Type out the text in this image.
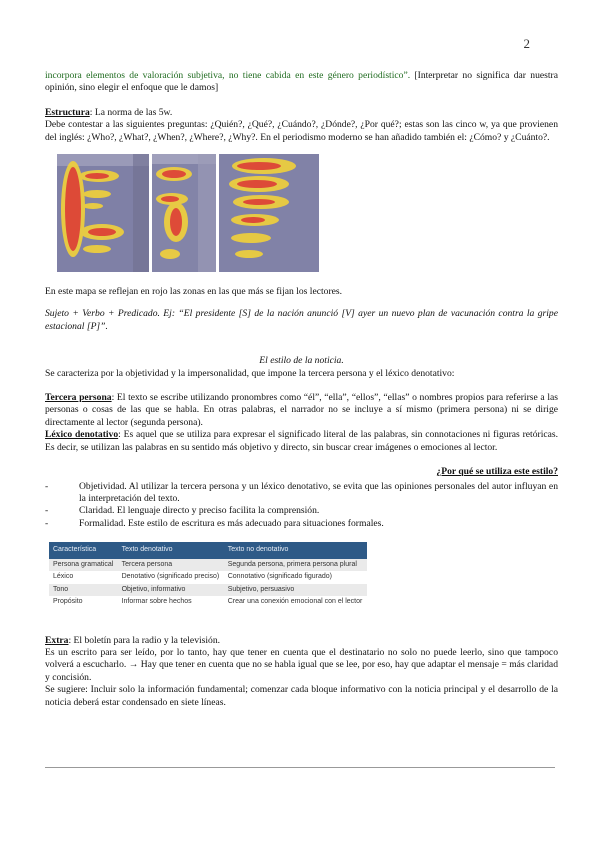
2

incorpora elementos de valoración subjetiva, no tiene cabida en este género periodístico”. [Interpretar no significa dar nuestra opinión, sino elegir el enfoque que le damos]

Estructura: La norma de las 5w.

Debe contestar a las siguientes preguntas: ¿Quién?, ¿Qué?, ¿Cuándo?, ¿Dónde?, ¿Por qué?; estas son las cinco w, ya que provienen del inglés: ¿Who?, ¿What?, ¿When?, ¿Where?, ¿Why?. En el periodismo moderno se han añadido también el: ¿Cómo? y ¿Cuánto?.

En este mapa se reflejan en rojo las zonas en las que más se fijan los lectores.

Sujeto + Verbo + Predicado. Ej: “El presidente [S] de la nación anunció [V] ayer un nuevo plan de vacunación contra la gripe estacional [P]”.

El estilo de la noticia.

Se caracteriza por la objetividad y la impersonalidad, que impone la tercera persona y el léxico denotativo:

Tercera persona: El texto se escribe utilizando pronombres como “él”, “ella”, “ellos”, “ellas” o nombres propios para referirse a las personas o cosas de las que se habla. En otras palabras, el narrador no se incluye a sí mismo (primera persona) ni se dirige directamente al lector (segunda persona).

Léxico denotativo: Es aquel que se utiliza para expresar el significado literal de las palabras, sin connotaciones ni figuras retóricas. Es decir, se utilizan las palabras en su sentido más objetivo y directo, sin buscar crear imágenes o emociones al lector.

¿Por qué se utiliza este estilo?

- Objetividad. Al utilizar la tercera persona y un léxico denotativo, se evita que las opiniones personales del autor influyan en la interpretación del texto.
- Claridad. El lenguaje directo y preciso facilita la comprensión.
- Formalidad. Este estilo de escritura es más adecuado para situaciones formales.
Característica	Texto denotativo	Texto no denotativo
Persona gramatical	Tercera persona	Segunda persona, primera persona plural
Léxico	Denotativo (significado preciso)	Connotativo (significado figurado)
Tono	Objetivo, informativo	Subjetivo, persuasivo
Propósito	Informar sobre hechos	Crear una conexión emocional con el lector

Extra: El boletín para la radio y la televisión.

Es un escrito para ser leído, por lo tanto, hay que tener en cuenta que el destinatario no solo no puede leerlo, sino que tampoco volverá a escucharlo. → Hay que tener en cuenta que no se habla igual que se lee, por eso, hay que adaptar el mensaje = más claridad y concisión.

Se sugiere: Incluir solo la información fundamental; comenzar cada bloque informativo con la noticia principal y el desarrollo de la noticia deberá estar condensado en siete líneas.
